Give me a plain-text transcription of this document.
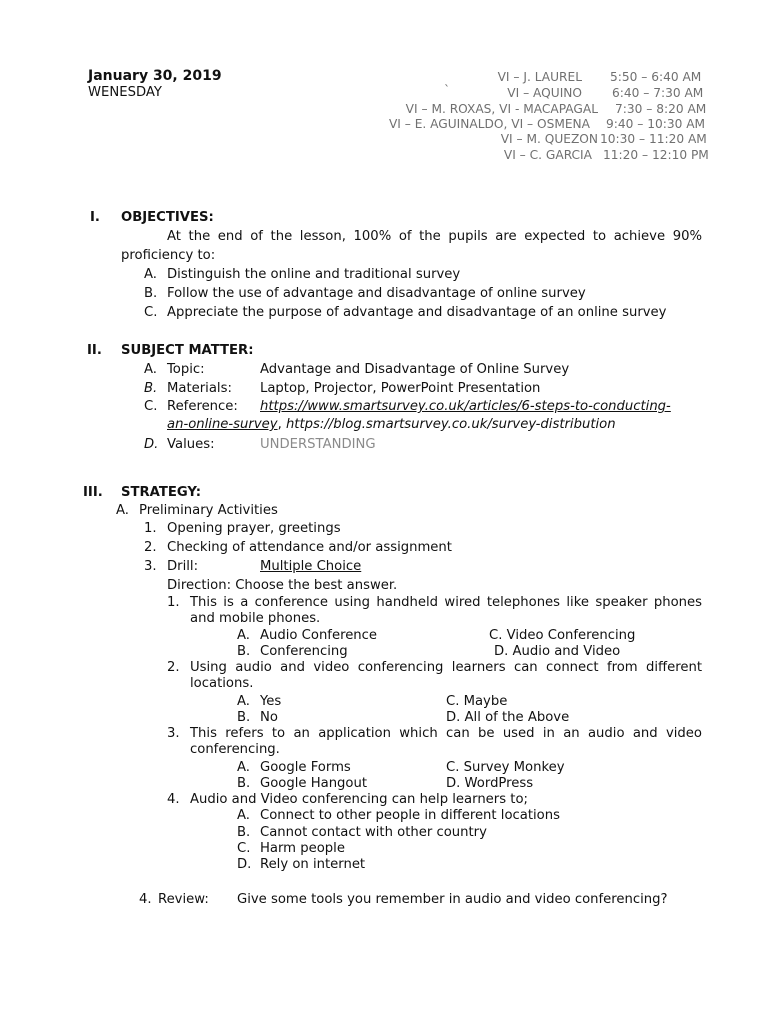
January 30, 2019
WENESDAY	`
VI – J. LAUREL 5:50 – 6:40 AM
VI – AQUINO 6:40 – 7:30 AM
VI – M. ROXAS, VI - MACAPAGAL 7:30 – 8:20 AM
VI – E. AGUINALDO, VI – OSMENA 9:40 – 10:30 AM
VI – M. QUEZON 10:30 – 11:20 AM
VI – C. GARCIA 11:20 – 12:10 PM
I. OBJECTIVES:
At the end of the lesson, 100% of the pupils are expected to achieve 90%
proficiency to:
A. Distinguish the online and traditional survey
B. Follow the use of advantage and disadvantage of online survey
C. Appreciate the purpose of advantage and disadvantage of an online survey
II. SUBJECT MATTER:
A. Topic:	Advantage and Disadvantage of Online Survey
B. Materials: Laptop, Projector, PowerPoint Presentation
C. Reference: https://www.smartsurvey.co.uk/articles/6-steps-to-conducting-
an-online-survey, https://blog.smartsurvey.co.uk/survey-distribution
D. Values:	UNDERSTANDING
III. STRATEGY:
A. Preliminary Activities
1. Opening prayer, greetings
2. Checking of attendance and/or assignment
3. Drill:	Multiple Choice
Direction: Choose the best answer.
1. This is a conference using handheld wired telephones like speaker phones
and mobile phones.
A. Audio Conference
B. Conferencing
C. Video Conferencing
D. Audio and Video
2. Using audio and video conferencing learners can connect from different
locations.
A. Yes
B. No
C. Maybe
D. All of the Above
3. This refers to an application which can be used in an audio and video
conferencing.
A. Google Forms
B. Google Hangout
C. Survey Monkey
D. WordPress
4. Audio and Video conferencing can help learners to;
A. Connect to other people in different locations
B. Cannot contact with other country
C. Harm people
D. Rely on internet
4. Review: Give some tools you remember in audio and video conferencing?
